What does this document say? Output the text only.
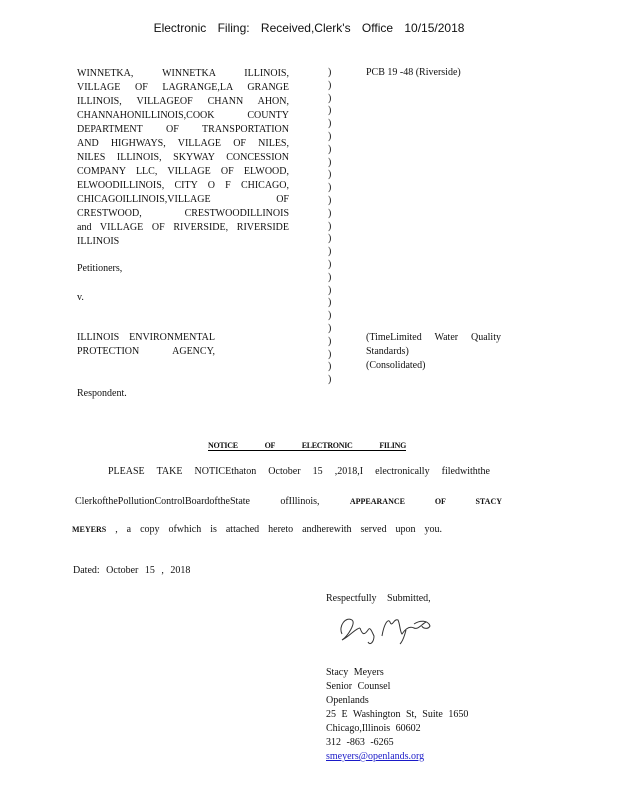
Electronic Filing: Received,Clerk's Office 10/15/2018
WINNETKA, WINNETKA ILLINOIS,
VILLAGE OF LAGRANGE,LA GRANGE
ILLINOIS, VILLAGEOF CHANN AHON,
CHANNAHONILLINOIS,COOK COUNTY
DEPARTMENT OF TRANSPORTATION
AND HIGHWAYS, VILLAGE OF NILES,
NILES ILLINOIS, SKYWAY CONCESSION
COMPANY LLC, VILLAGE OF ELWOOD,
ELWOODILLINOIS, CITY O F CHICAGO,
CHICAGOILLINOIS,VILLAGE OF
CRESTWOOD, CRESTWOODILLINOIS
and VILLAGE OF RIVERSIDE, RIVERSIDE
ILLINOIS
)
)
)
)
)
)
)
)
)
)
)
)
)
)
)
)
)
)
)
)
)
)
)
)
)
PCB 19 -48 (Riverside)
Petitioners,
v.
ILLINOIS ENVIRONMENTAL
PROTECTION AGENCY,
(TimeLimited Water Quality
Standards)
(Consolidated)
Respondent.
NOTICE OF ELECTRONIC FILING
PLEASE TAKE NOTICEthaton October 15 ,2018,I electronically filedwiththe
ClerkofthePollutionControlBoardoftheState ofIllinois,	APPEARANCE OF STACY
MEYERS , a copy ofwhich is attached hereto andherewith served upon you.
Dated: October 15 , 2018
Respectfully Submitted,
Stacy Meyers
Senior Counsel
Openlands
25 E Washington St, Suite 1650
Chicago,Illinois 60602
312 -863 -6265
smeyers@openlands.org
